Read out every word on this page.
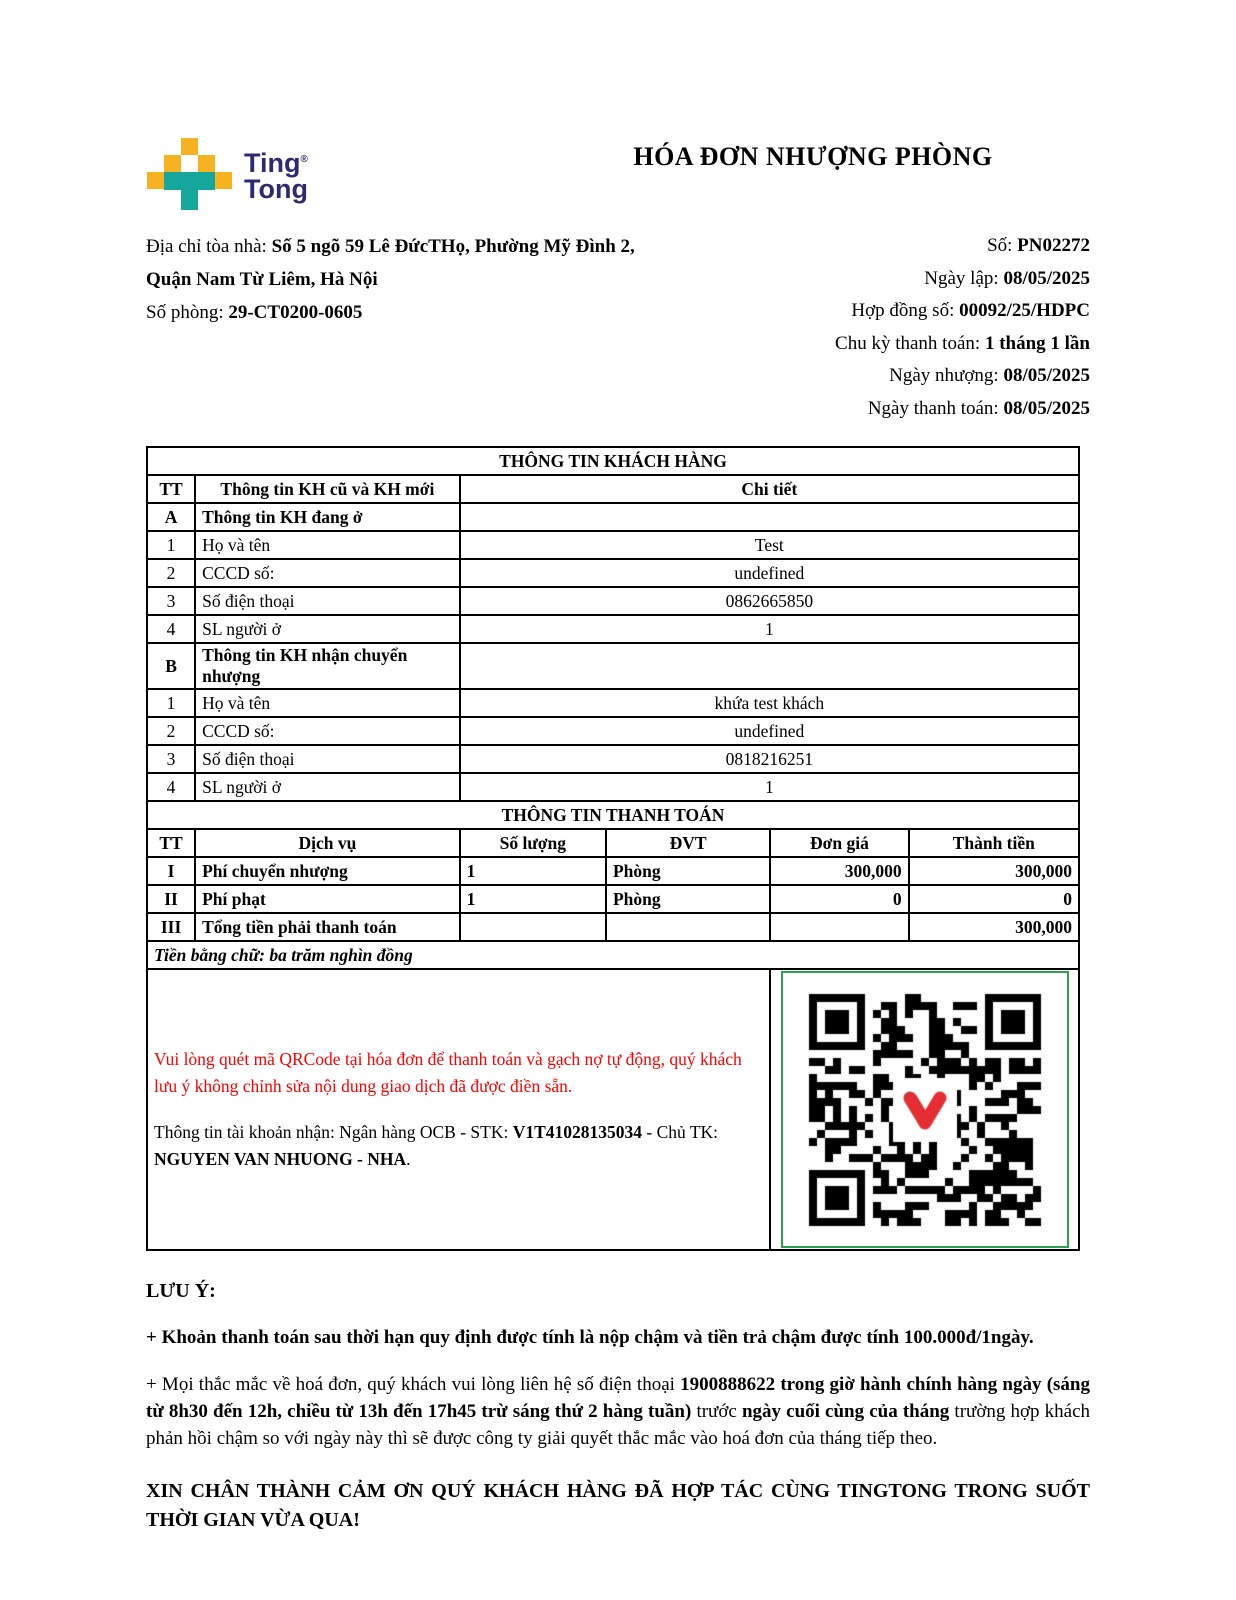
Ting®
Tong
HÓA ĐƠN NHƯỢNG PHÒNG
Địa chỉ tòa nhà: Số 5 ngõ 59 Lê ĐứcTHọ, Phường Mỹ Đình 2,
Quận Nam Từ Liêm, Hà Nội
Số phòng: 29-CT0200-0605
Số: PN02272
Ngày lập: 08/05/2025
Hợp đồng số: 00092/25/HDPC
Chu kỳ thanh toán: 1 tháng 1 lần
Ngày nhượng: 08/05/2025
Ngày thanh toán: 08/05/2025
THÔNG TIN KHÁCH HÀNG					
TT	Thông tin KH cũ và KH mới	Chi tiết			
A	Thông tin KH đang ở				
1	Họ và tên	Test			
2	CCCD số:	undefined			
3	Số điện thoại	0862665850			
4	SL người ở	1			
B	Thông tin KH nhận chuyển nhượng				
1	Họ và tên	khứa test khách			
2	CCCD số:	undefined			
3	Số điện thoại	0818216251			
4	SL người ở	1			
THÔNG TIN THANH TOÁN					
TT	Dịch vụ	Số lượng	ĐVT	Đơn giá	Thành tiền
I	Phí chuyển nhượng	1	Phòng	300,000	300,000
II	Phí phạt	1	Phòng	0	0
III	Tổng tiền phải thanh toán				300,000
Tiền bằng chữ: ba trăm nghìn đồng					

Vui lòng quét mã QRCode tại hóa đơn để thanh toán và gạch nợ tự động, quý khách lưu ý không chỉnh sửa nội dung giao dịch đã được điền sẵn.

Thông tin tài khoản nhận: Ngân hàng OCB - STK: V1T41028135034 - Chủ TK: NGUYEN VAN NHUONG - NHA.

LƯU Ý:

+ Khoản thanh toán sau thời hạn quy định được tính là nộp chậm và tiền trả chậm được tính 100.000đ/1ngày.

+ Mọi thắc mắc về hoá đơn, quý khách vui lòng liên hệ số điện thoại 1900888622 trong giờ hành chính hàng ngày (sáng từ 8h30 đến 12h, chiều từ 13h đến 17h45 trừ sáng thứ 2 hàng tuần) trước ngày cuối cùng của tháng trường hợp khách phản hồi chậm so với ngày này thì sẽ được công ty giải quyết thắc mắc vào hoá đơn của tháng tiếp theo.

XIN CHÂN THÀNH CẢM ƠN QUÝ KHÁCH HÀNG ĐÃ HỢP TÁC CÙNG TINGTONG TRONG SUỐT THỜI GIAN VỪA QUA!
